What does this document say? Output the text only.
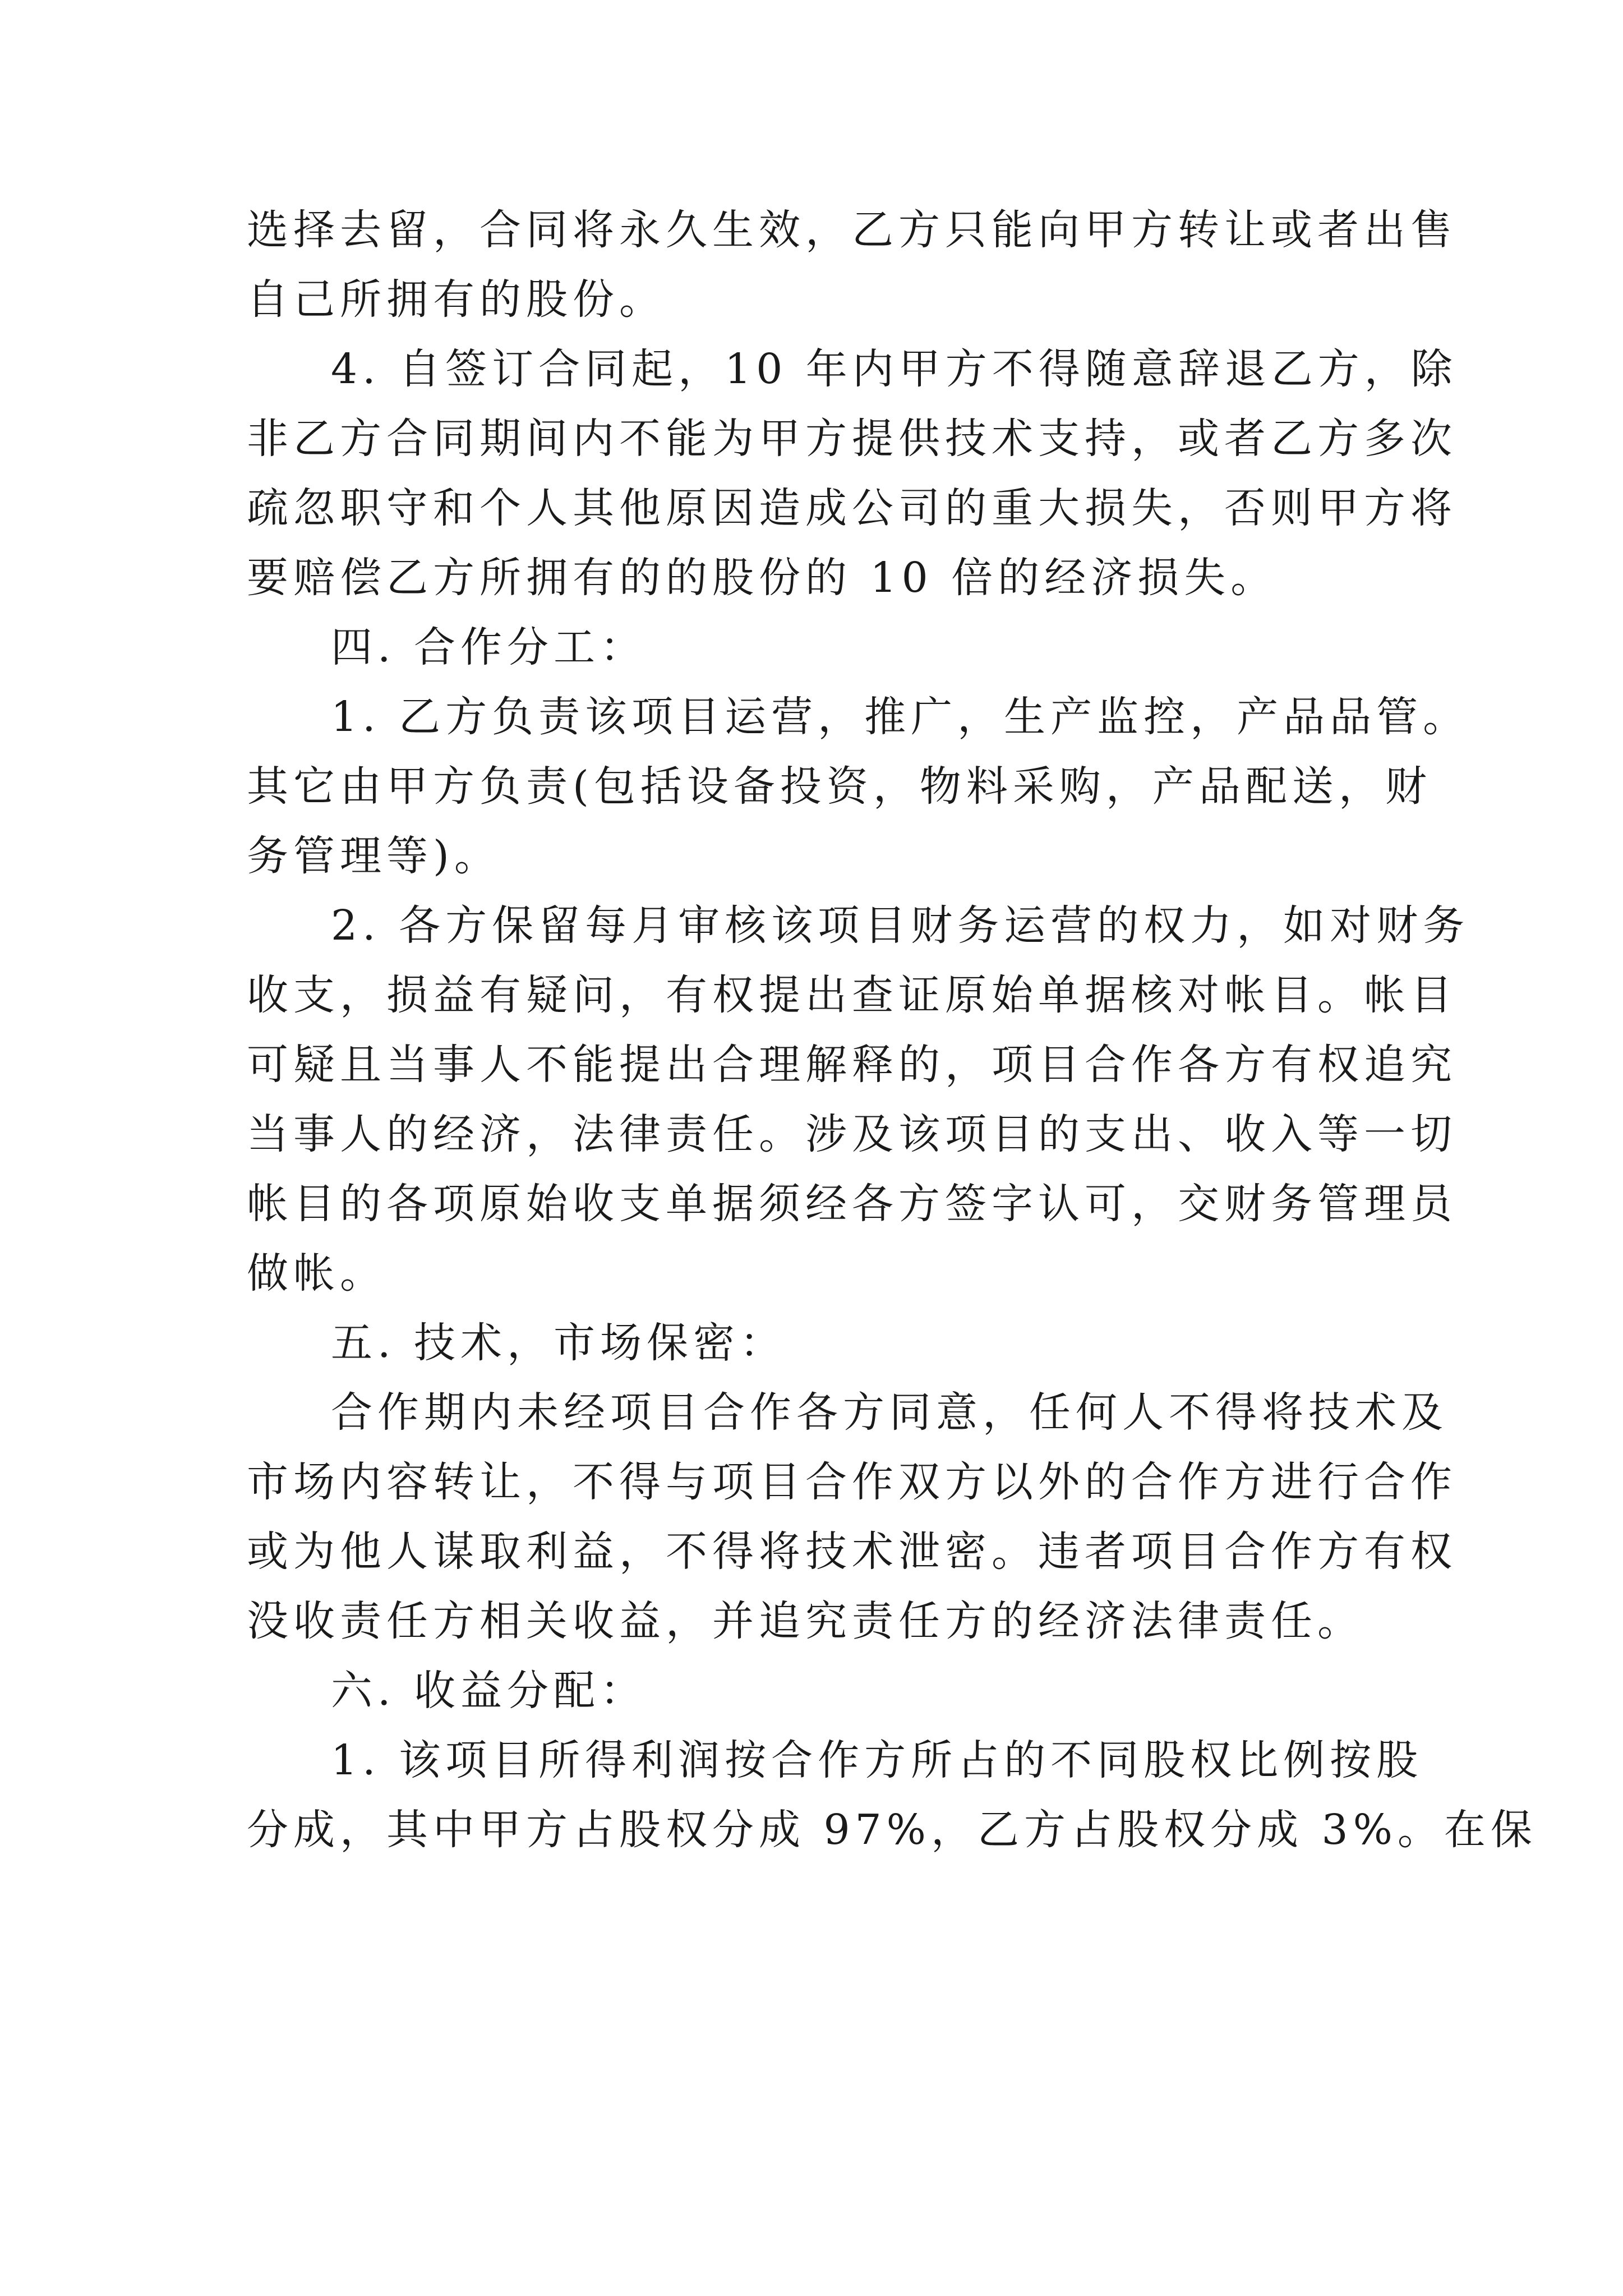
选择去留，合同将永久生效，乙方只能向甲方转让或者出售

自己所拥有的股份。

4. 自签订合同起，10 年内甲方不得随意辞退乙方，除

非乙方合同期间内不能为甲方提供技术支持，或者乙方多次

疏忽职守和个人其他原因造成公司的重大损失，否则甲方将

要赔偿乙方所拥有的的股份的 10 倍的经济损失。

四. 合作分工：

1. 乙方负责该项目运营，推广，生产监控，产品品管。

其它由甲方负责(包括设备投资，物料采购，产品配送，财

务管理等)。

2. 各方保留每月审核该项目财务运营的权力，如对财务

收支，损益有疑问，有权提出查证原始单据核对帐目。帐目

可疑且当事人不能提出合理解释的，项目合作各方有权追究

当事人的经济，法律责任。涉及该项目的支出、收入等一切

帐目的各项原始收支单据须经各方签字认可，交财务管理员

做帐。

五. 技术，市场保密：

合作期内未经项目合作各方同意，任何人不得将技术及

市场内容转让，不得与项目合作双方以外的合作方进行合作

或为他人谋取利益，不得将技术泄密。违者项目合作方有权

没收责任方相关收益，并追究责任方的经济法律责任。

六. 收益分配：

1. 该项目所得利润按合作方所占的不同股权比例按股

分成，其中甲方占股权分成 97%，乙方占股权分成 3%。在保
